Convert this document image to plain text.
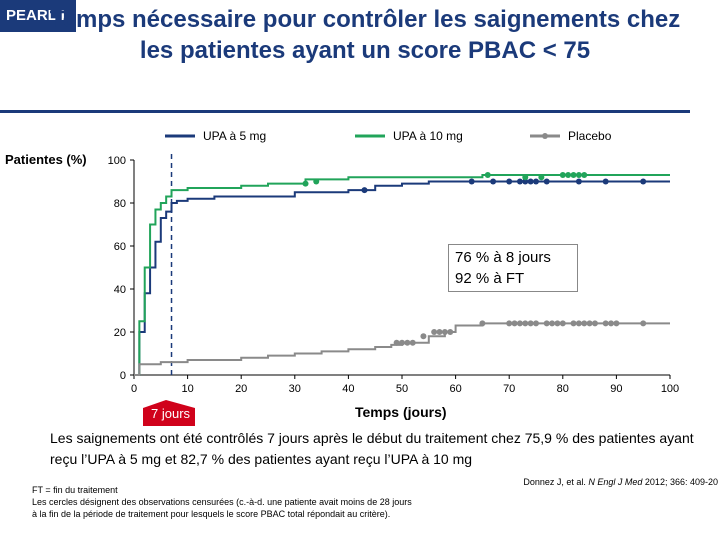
PEARL I
Temps nécessaire pour contrôler les saignements chez les patientes ayant un score PBAC < 75
Patientes (%)
0
20
40
60
80
100
0	10	20	30	40	50	60	70	80	90	100
UPA à 5 mg	UPA à 10 mg	Placebo
76 % à 8 jours
92 % à FT
7 jours	Temps (jours)
Les saignements ont été contrôlés 7 jours après le début du traitement chez 75,9 % des patientes ayant reçu l’UPA à 5 mg et 82,7 % des patientes ayant reçu l’UPA à 10 mg
FT = fin du traitement
Les cercles désignent des observations censurées (c.-à-d. une patiente avait moins de 28 jours
à la fin de la période de traitement pour lesquels le score PBAC total répondait au critère).
Donnez J, et al. N Engl J Med 2012; 366: 409-20
